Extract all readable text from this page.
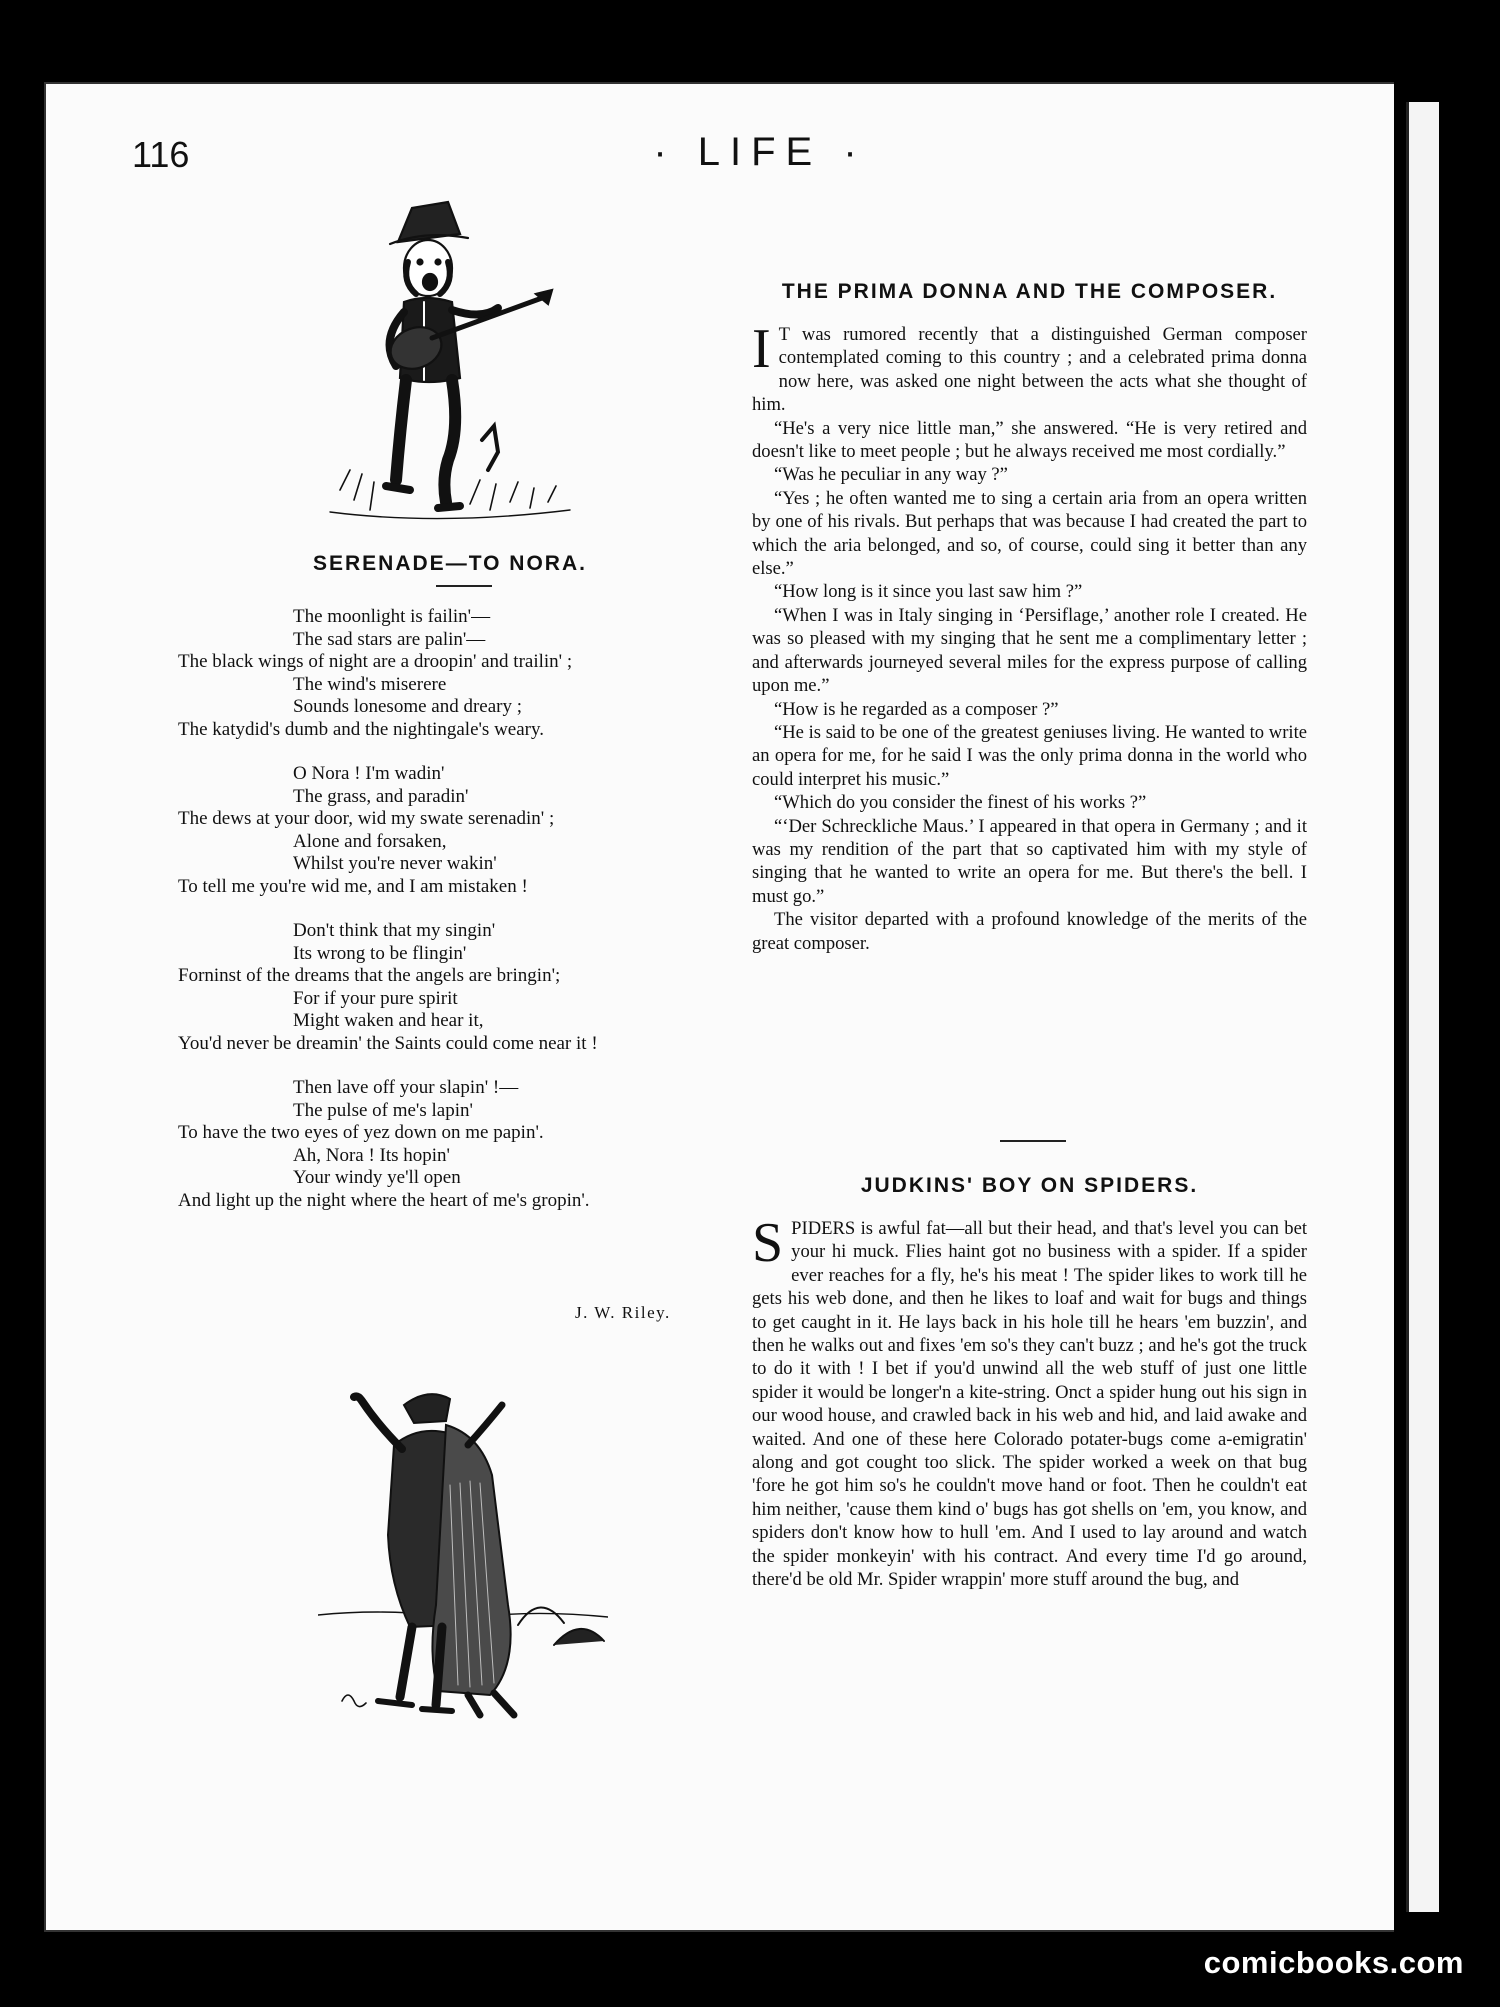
116	· LIFE ·
SERENADE—TO NORA.
The moonlight is failin'—
The sad stars are palin'—
The black wings of night are a droopin' and trailin' ;
The wind's miserere
Sounds lonesome and dreary ;
The katydid's dumb and the nightingale's weary.
O Nora ! I'm wadin'
The grass, and paradin'
The dews at your door, wid my swate serenadin' ;
Alone and forsaken,
Whilst you're never wakin'
To tell me you're wid me, and I am mistaken !
Don't think that my singin'
Its wrong to be flingin'
Forninst of the dreams that the angels are bringin';
For if your pure spirit
Might waken and hear it,
You'd never be dreamin' the Saints could come near it !
Then lave off your slapin' !—
The pulse of me's lapin'
To have the two eyes of yez down on me papin'.
Ah, Nora ! Its hopin'
Your windy ye'll open
And light up the night where the heart of me's gropin'.
J. W. Riley.
THE PRIMA DONNA AND THE COMPOSER.

I T was rumored recently that a distinguished German composer contemplated coming to this country ; and a celebrated prima donna now here, was asked one night between the acts what she thought of him.

“He's a very nice little man,” she answered. “He is very retired and doesn't like to meet people ; but he always received me most cordially.”

“Was he peculiar in any way ?”

“Yes ; he often wanted me to sing a certain aria from an opera written by one of his rivals. But perhaps that was because I had created the part to which the aria belonged, and so, of course, could sing it better than any else.”

“How long is it since you last saw him ?”

“When I was in Italy singing in ‘Persiflage,’ another role I created. He was so pleased with my singing that he sent me a complimentary letter ; and afterwards journeyed several miles for the express purpose of calling upon me.”

“How is he regarded as a composer ?”

“He is said to be one of the greatest geniuses living. He wanted to write an opera for me, for he said I was the only prima donna in the world who could interpret his music.”

“Which do you consider the finest of his works ?”

“‘Der Schreckliche Maus.’ I appeared in that opera in Germany ; and it was my rendition of the part that so captivated him with my style of singing that he wanted to write an opera for me. But there's the bell. I must go.”

The visitor departed with a profound knowledge of the merits of the great composer.

JUDKINS' BOY ON SPIDERS.

SPIDERS is awful fat—all but their head, and that's level you can bet your hi muck. Flies haint got no business with a spider. If a spider ever reaches for a fly, he's his meat ! The spider likes to work till he gets his web done, and then he likes to loaf and wait for bugs and things to get caught in it. He lays back in his hole till he hears 'em buzzin', and then he walks out and fixes 'em so's they can't buzz ; and he's got the truck to do it with ! I bet if you'd unwind all the web stuff of just one little spider it would be longer'n a kite-string. Onct a spider hung out his sign in our wood house, and crawled back in his web and hid, and laid awake and waited. And one of these here Colorado potater-bugs come a-emigratin' along and got cought too slick. The spider worked a week on that bug 'fore he got him so's he couldn't move hand or foot. Then he couldn't eat him neither, 'cause them kind o' bugs has got shells on 'em, you know, and spiders don't know how to hull 'em. And I used to lay around and watch the spider monkeyin' with his contract. And every time I'd go around, there'd be old Mr. Spider wrappin' more stuff around the bug, and

comicbooks.com
